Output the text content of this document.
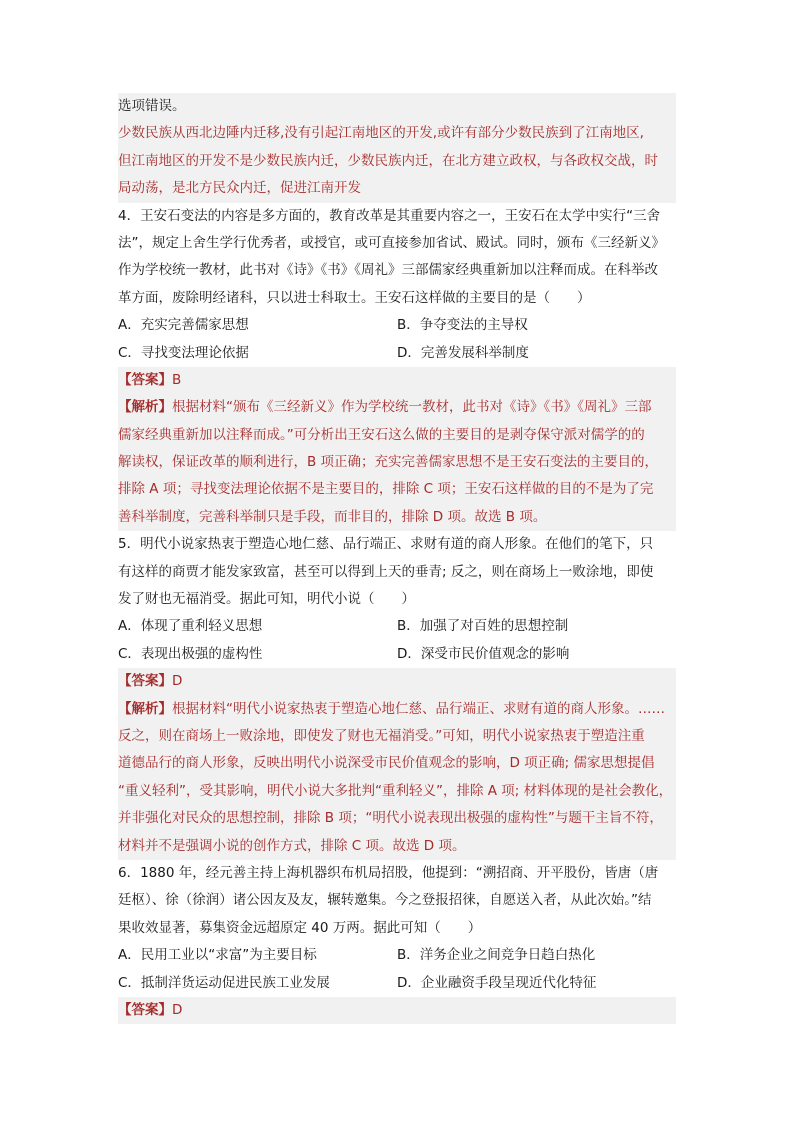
选项错误。
少数民族从西北边陲内迁移,没有引起江南地区的开发,或许有部分少数民族到了江南地区,
但江南地区的开发不是少数民族内迁，少数民族内迁，在北方建立政权，与各政权交战，时
局动荡，是北方民众内迁，促进江南开发
4．王安石变法的内容是多方面的，教育改革是其重要内容之一，王安石在太学中实行“三舍
法”，规定上舍生学行优秀者，或授官，或可直接参加省试、殿试。同时，颁布《三经新义》
作为学校统一教材，此书对《诗》《书》《周礼》三部儒家经典重新加以注释而成。在科举改
革方面，废除明经诸科，只以进士科取士。王安石这样做的主要目的是（　　）
A．充实完善儒家思想	B．争夺变法的主导权
C．寻找变法理论依据	D．完善发展科举制度
【答案】B
【解析】根据材料“颁布《三经新义》作为学校统一教材，此书对《诗》《书》《周礼》三部
儒家经典重新加以注释而成。”可分析出王安石这么做的主要目的是剥夺保守派对儒学的的
解读权，保证改革的顺利进行，B 项正确；充实完善儒家思想不是王安石变法的主要目的，
排除 A 项；寻找变法理论依据不是主要目的，排除 C 项；王安石这样做的目的不是为了完
善科举制度，完善科举制只是手段，而非目的，排除 D 项。故选 B 项。
5．明代小说家热衷于塑造心地仁慈、品行端正、求财有道的商人形象。在他们的笔下，只
有这样的商贾才能发家致富，甚至可以得到上天的垂青; 反之，则在商场上一败涂地，即使
发了财也无福消受。据此可知，明代小说（　　）
A．体现了重利轻义思想	B．加强了对百姓的思想控制
C．表现出极强的虚构性	D．深受市民价值观念的影响
【答案】D
【解析】根据材料“明代小说家热衷于塑造心地仁慈、品行端正、求财有道的商人形象。……
反之，则在商场上一败涂地，即使发了财也无福消受。”可知，明代小说家热衷于塑造注重
道德品行的商人形象，反映出明代小说深受市民价值观念的影响，D 项正确; 儒家思想提倡
“重义轻利”，受其影响，明代小说大多批判“重利轻义”，排除 A 项; 材料体现的是社会教化，
并非强化对民众的思想控制，排除 B 项；“明代小说表现出极强的虚构性”与题干主旨不符，
材料并不是强调小说的创作方式，排除 C 项。故选 D 项。
6．1880 年，经元善主持上海机器织布机局招股，他提到：“溯招商、开平股份，皆唐（唐
廷枢）、徐（徐润）诸公因友及友，辗转邀集。今之登报招徕，自愿送入者，从此次始。”结
果收效显著，募集资金远超原定 40 万两。据此可知（　　）
A．民用工业以“求富”为主要目标	B．洋务企业之间竞争日趋白热化
C．抵制洋货运动促进民族工业发展	D．企业融资手段呈现近代化特征
【答案】D
